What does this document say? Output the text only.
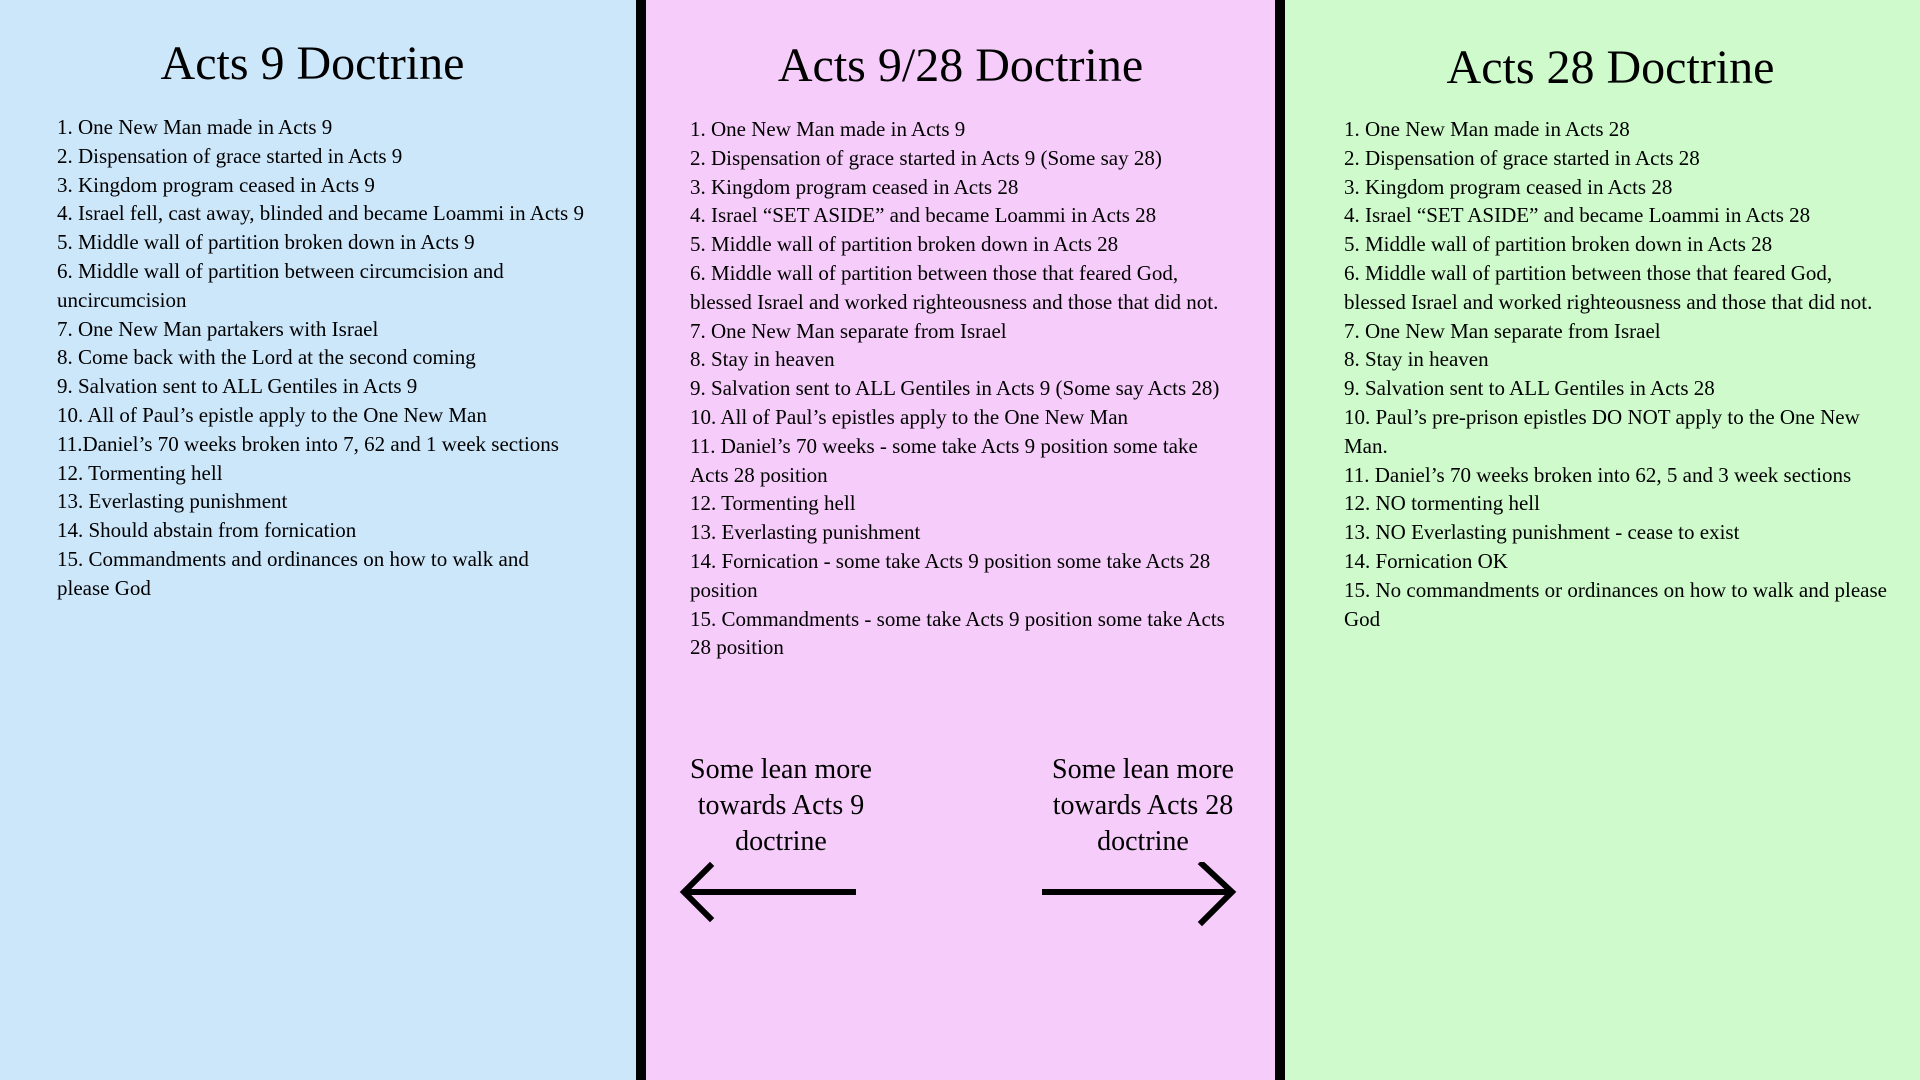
Acts 9 Doctrine
1. One New Man made in Acts 9
2. Dispensation of grace started in Acts 9
3. Kingdom program ceased in Acts 9
4. Israel fell, cast away, blinded and became Loammi in Acts 9
5. Middle wall of partition broken down in Acts 9
6. Middle wall of partition between circumcision and uncircumcision
7. One New Man partakers with Israel
8. Come back with the Lord at the second coming
9. Salvation sent to ALL Gentiles in Acts 9
10. All of Paul’s epistle apply to the One New Man
11.Daniel’s 70 weeks broken into 7, 62 and 1 week sections
12. Tormenting hell
13. Everlasting punishment
14. Should abstain from fornication
15. Commandments and ordinances on how to walk and please God
Acts 9/28 Doctrine
1. One New Man made in Acts 9
2. Dispensation of grace started in Acts 9 (Some say 28)
3. Kingdom program ceased in Acts 28
4. Israel “SET ASIDE” and became Loammi in Acts 28
5. Middle wall of partition broken down in Acts 28
6. Middle wall of partition between those that feared God, blessed Israel and worked righteousness and those that did not.
7. One New Man separate from Israel
8. Stay in heaven
9. Salvation sent to ALL Gentiles in Acts 9 (Some say Acts 28)
10. All of Paul’s epistles apply to the One New Man
11. Daniel’s 70 weeks - some take Acts 9 position some take Acts 28 position
12. Tormenting hell
13. Everlasting punishment
14. Fornication - some take Acts 9 position some take Acts 28 position
15. Commandments - some take Acts 9 position some take Acts 28 position
Some lean more towards Acts 9 doctrine
Some lean more towards Acts 28 doctrine
Acts 28 Doctrine
1. One New Man made in Acts 28
2. Dispensation of grace started in Acts 28
3. Kingdom program ceased in Acts 28
4. Israel “SET ASIDE” and became Loammi in Acts 28
5. Middle wall of partition broken down in Acts 28
6. Middle wall of partition between those that feared God, blessed Israel and worked righteousness and those that did not.
7. One New Man separate from Israel
8. Stay in heaven
9. Salvation sent to ALL Gentiles in Acts 28
10. Paul’s pre-prison epistles DO NOT apply to the One New Man.
11. Daniel’s 70 weeks broken into 62, 5 and 3 week sections
12. NO tormenting hell
13. NO Everlasting punishment - cease to exist
14. Fornication OK
15. No commandments or ordinances on how to walk and please God
